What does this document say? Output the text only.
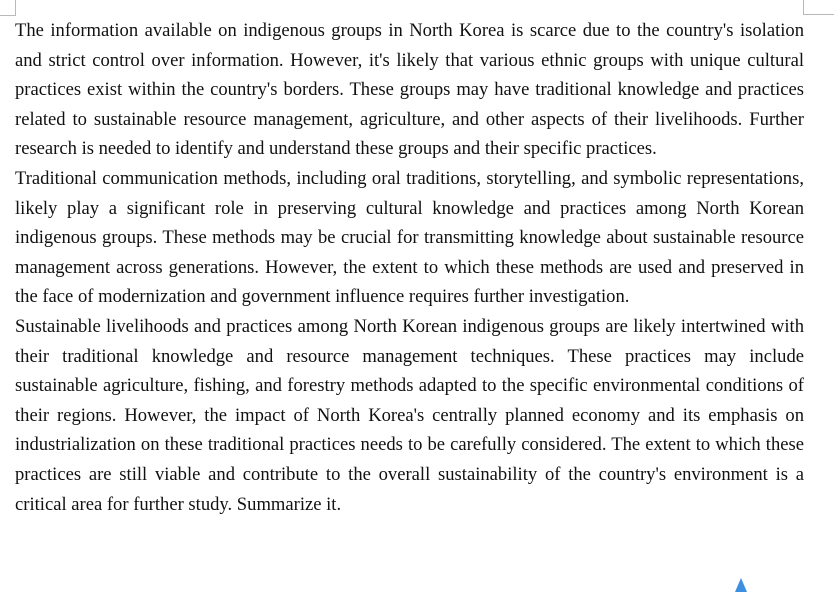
The information available on indigenous groups in North Korea is scarce due to the country's isolation and strict control over information. However, it's likely that various ethnic groups with unique cultural practices exist within the country's borders. These groups may have traditional knowledge and practices related to sustainable resource management, agriculture, and other aspects of their livelihoods. Further research is needed to identify and understand these groups and their specific practices.

Traditional communication methods, including oral traditions, storytelling, and symbolic representations, likely play a significant role in preserving cultural knowledge and practices among North Korean indigenous groups. These methods may be crucial for transmitting knowledge about sustainable resource management across generations. However, the extent to which these methods are used and preserved in the face of modernization and government influence requires further investigation.

Sustainable livelihoods and practices among North Korean indigenous groups are likely intertwined with their traditional knowledge and resource management techniques. These practices may include sustainable agriculture, fishing, and forestry methods adapted to the specific environmental conditions of their regions. However, the impact of North Korea's centrally planned economy and its emphasis on industrialization on these traditional practices needs to be carefully considered. The extent to which these practices are still viable and contribute to the overall sustainability of the country's environment is a critical area for further study. Summarize it.
